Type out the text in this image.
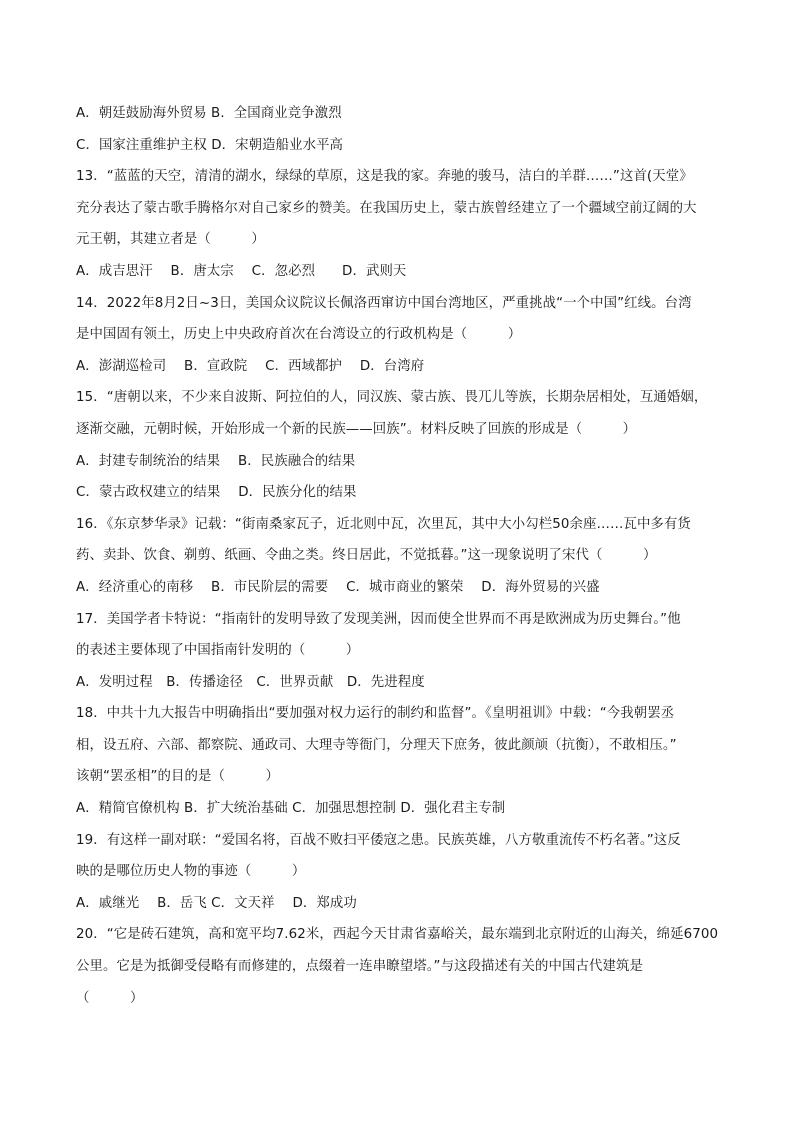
A．朝廷鼓励海外贸易 B．全国商业竞争激烈
C．国家注重维护主权 D．宋朝造船业水平高
13．“蓝蓝的天空，清清的湖水，绿绿的草原，这是我的家。奔驰的骏马，洁白的羊群……”这首(天堂》
充分表达了蒙古歌手腾格尔对自己家乡的赞美。在我国历史上，蒙古族曾经建立了一个疆域空前辽阔的大
元王朝，其建立者是（　　　）
A．成吉思汗　 B．唐太宗　 C．忽必烈　　D．武则天
14．2022年8月2日~3日，美国众议院议长佩洛西窜访中国台湾地区，严重挑战“一个中国”红线。台湾
是中国固有领土，历史上中央政府首次在台湾设立的行政机构是（　　　）
A．澎湖巡检司　 B．宣政院　 C．西域都护　 D．台湾府
15．“唐朝以来，不少来自波斯、阿拉伯的人，同汉族、蒙古族、畏兀儿等族，长期杂居相处，互通婚姻，
逐渐交融，元朝时候，开始形成一个新的民族——回族”。材料反映了回族的形成是（　　　）
A．封建专制统治的结果　 B．民族融合的结果
C．蒙古政权建立的结果　 D．民族分化的结果
16．《东京梦华录》记载：“街南桑家瓦子，近北则中瓦，次里瓦，其中大小勾栏50余座……瓦中多有货
药、卖卦、饮食、剃剪、纸画、令曲之类。终日居此，不觉抵暮。”这一现象说明了宋代（　　　）
A．经济重心的南移　 B．市民阶层的需要　 C．城市商业的繁荣　 D．海外贸易的兴盛
17．美国学者卡特说：“指南针的发明导致了发现美洲，因而使全世界而不再是欧洲成为历史舞台。”他
的表述主要体现了中国指南针发明的（　　　）
A．发明过程　B．传播途径　C．世界贡献　D．先进程度
18．中共十九大报告中明确指出“要加强对权力运行的制约和监督”。《皇明祖训》中载：“今我朝罢丞
相，设五府、六部、都察院、通政司、大理寺等衙门，分理天下庶务，彼此颜颃（抗衡），不敢相压。”
该朝“罢丞相”的目的是（　　　）
A．精简官僚机构 B．扩大统治基础 C．加强思想控制 D．强化君主专制
19．有这样一副对联：“爱国名将，百战不败扫平倭寇之患。民族英雄，八方敬重流传不朽名著。”这反
映的是哪位历史人物的事迹（　　　）
A．戚继光　 B．岳飞 C．文天祥　 D．郑成功
20．“它是砖石建筑，高和宽平均7.62米，西起今天甘肃省嘉峪关，最东端到北京附近的山海关，绵延6700
公里。它是为抵御受侵略有而修建的，点缀着一连串瞭望塔。”与这段描述有关的中国古代建筑是
（　　　）
